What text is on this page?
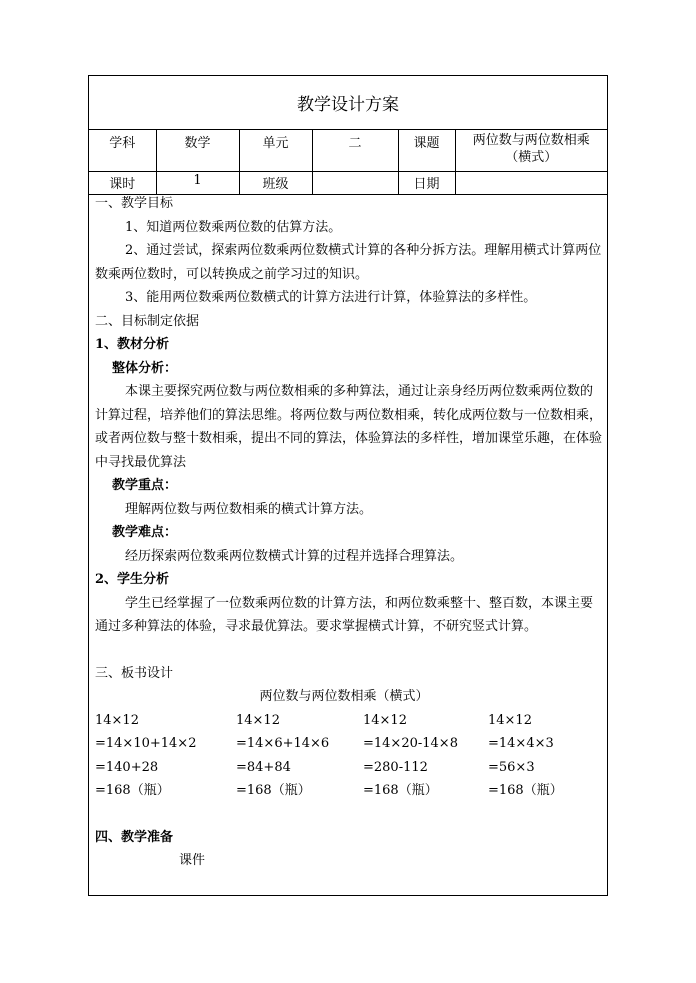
教学设计方案
学科	数学	单元	二	课题	两位数与两位数相乘
（横式）

课时	1	班级		日期	
一、教学目标
1、知道两位数乘两位数的估算方法。
2、通过尝试，探索两位数乘两位数横式计算的各种分拆方法。理解用横式计算两位数乘两位数时，可以转换成之前学习过的知识。
3、能用两位数乘两位数横式的计算方法进行计算，体验算法的多样性。
二、目标制定依据
1、教材分析
整体分析：
本课主要探究两位数与两位数相乘的多种算法，通过让亲身经历两位数乘两位数的计算过程，培养他们的算法思维。将两位数与两位数相乘，转化成两位数与一位数相乘，或者两位数与整十数相乘，提出不同的算法，体验算法的多样性，增加课堂乐趣，在体验中寻找最优算法
教学重点：
理解两位数与两位数相乘的横式计算方法。
教学难点：
经历探索两位数乘两位数横式计算的过程并选择合理算法。
2、学生分析
学生已经掌握了一位数乘两位数的计算方法，和两位数乘整十、整百数，本课主要通过多种算法的体验，寻求最优算法。要求掌握横式计算，不研究竖式计算。
三、板书设计
两位数与两位数相乘（横式）
14×12	14×12	14×12	14×12
=14×10+14×2	=14×6+14×6	=14×20-14×8	=14×4×3
=140+28	=84+84	=280-112	=56×3
=168（瓶）	=168（瓶）	=168（瓶）	=168（瓶）
四、教学准备
课件
